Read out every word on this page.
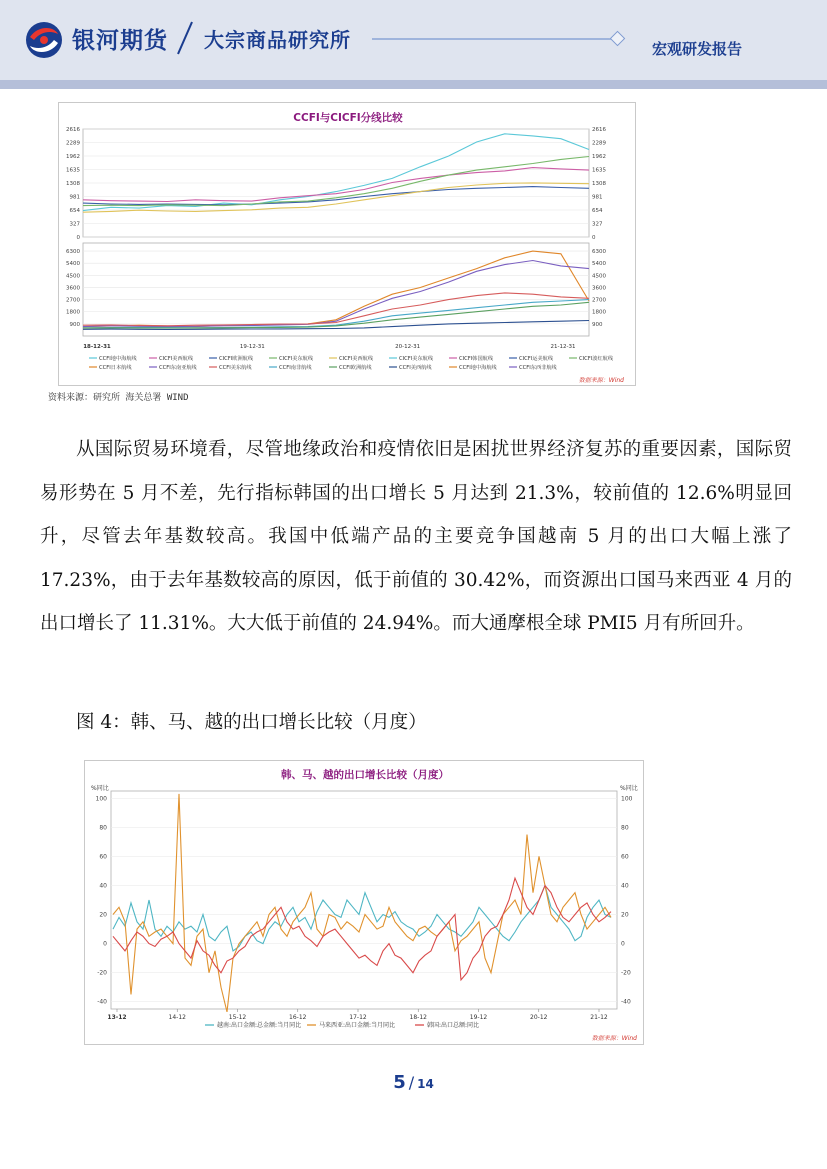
银河期货 大宗商品研究所	宏观研发报告
CCFI与CICFI分线比较
0	0
327	327
654	654
981	981
1308	1308
1635	1635
1962	1962
2289	2289
2616	2616
900	900
1800	1800
2700	2700
3600	3600
4500	4500
5400	5400
6300	6300
18-12-31	19-12-31	20-12-31	21-12-31
CCFI地中海航线	CICFI美西航线	CICFI欧洲航线	CICFI美东航线	CICFI美西航线	CICFI美东航线	CICFI韩国航线	CICFI运美航线	CICFI波红航线
CCFI日本航线	CCFI东南亚航线	CCFI美东航线	CCFI南非航线	CCFI欧洲航线	CCFI美西航线	CCFI地中海航线	CCFI东西非航线
数据来源：Wind
资料来源：研究所 海关总署 WIND
从国际贸易环境看，尽管地缘政治和疫情依旧是困扰世界经济复苏的重要因素，国际贸易形势在 5 月不差，先行指标韩国的出口增长 5 月达到 21.3%，较前值的 12.6%明显回升，尽管去年基数较高。我国中低端产品的主要竞争国越南 5 月的出口大幅上涨了 17.23%，由于去年基数较高的原因，低于前值的 30.42%，而资源出口国马来西亚 4 月的出口增长了 11.31%。大大低于前值的 24.94%。而大通摩根全球 PMI5 月有所回升。
图 4：韩、马、越的出口增长比较（月度）
韩、马、越的出口增长比较（月度）
%同比	%同比
-40	-40
-20	-20
0	0
20	20
40	40
60	60
80	80
100	100
13-12	14-12	15-12	16-12	17-12	18-12	19-12	20-12	21-12
越南:出口金额:总金额:当月同比	马来西亚:出口金额:当月同比	韩国:出口总额:同比
数据来源：Wind
5 / 14
